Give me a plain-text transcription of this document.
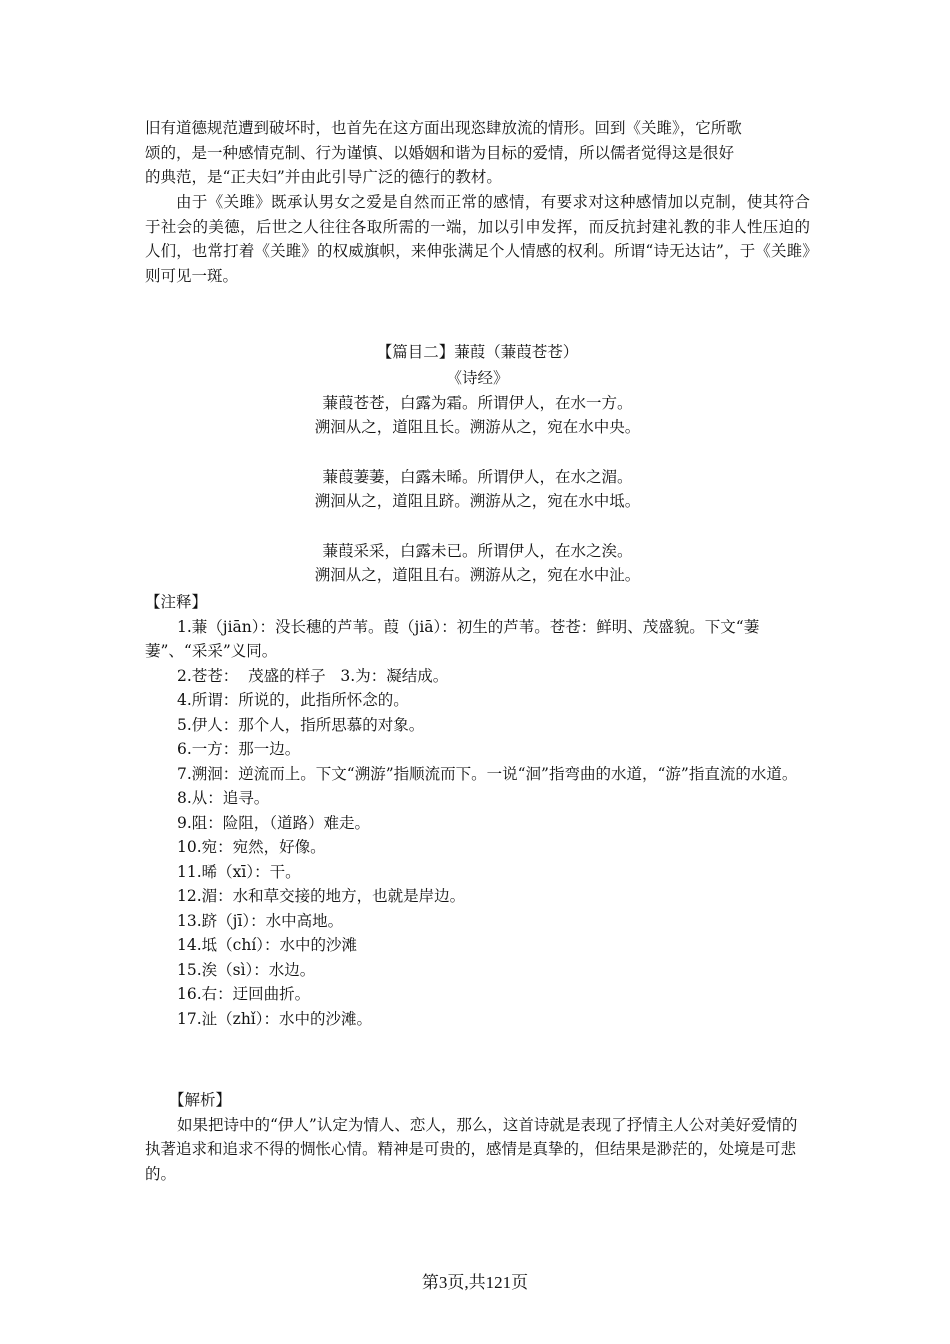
旧有道德规范遭到破坏时，也首先在这方面出现恣肆放流的情形。回到《关雎》，它所歌
颂的，是一种感情克制、行为谨慎、以婚姻和谐为目标的爱情，所以儒者觉得这是很好
的典范，是“正夫妇”并由此引导广泛的德行的教材。

由于《关雎》既承认男女之爱是自然而正常的感情，有要求对这种感情加以克制，使其符合于社会的美德，后世之人往往各取所需的一端，加以引申发挥，而反抗封建礼教的非人性压迫的人们，也常打着《关雎》的权威旗帜，来伸张满足个人情感的权利。所谓“诗无达诂”，于《关雎》则可见一斑。

【篇目二】蒹葭（蒹葭苍苍）

《诗经》

蒹葭苍苍，白露为霜。所谓伊人，在水一方。

溯洄从之，道阻且长。溯游从之，宛在水中央。

蒹葭萋萋，白露未晞。所谓伊人，在水之湄。

溯洄从之，道阻且跻。溯游从之，宛在水中坻。

蒹葭采采，白露未已。所谓伊人，在水之涘。

溯洄从之，道阻且右。溯游从之，宛在水中沚。

【注释】
1.蒹（jiān）：没长穗的芦苇。葭（jiā）：初生的芦苇。苍苍：鲜明、茂盛貌。下文“萋萋”、“采采”义同。
2.苍苍：  茂盛的样子   3.为：凝结成。
4.所谓：所说的，此指所怀念的。
5.伊人：那个人，指所思慕的对象。
6.一方：那一边。
7.溯洄：逆流而上。下文“溯游”指顺流而下。一说“洄”指弯曲的水道，“游”指直流的水道。
8.从：追寻。
9.阻：险阻，（道路）难走。
10.宛：宛然，好像。
11.晞（xī）：干。
12.湄：水和草交接的地方，也就是岸边。
13.跻（jī）：水中高地。
14.坻（chí）：水中的沙滩
15.涘（sì）：水边。
16.右：迂回曲折。
17.沚（zhǐ）：水中的沙滩。
【解析】
如果把诗中的“伊人”认定为情人、恋人，那么，这首诗就是表现了抒情主人公对美好爱情的执著追求和追求不得的惆怅心情。精神是可贵的，感情是真挚的，但结果是渺茫的，处境是可悲的。
第3页,共121页
